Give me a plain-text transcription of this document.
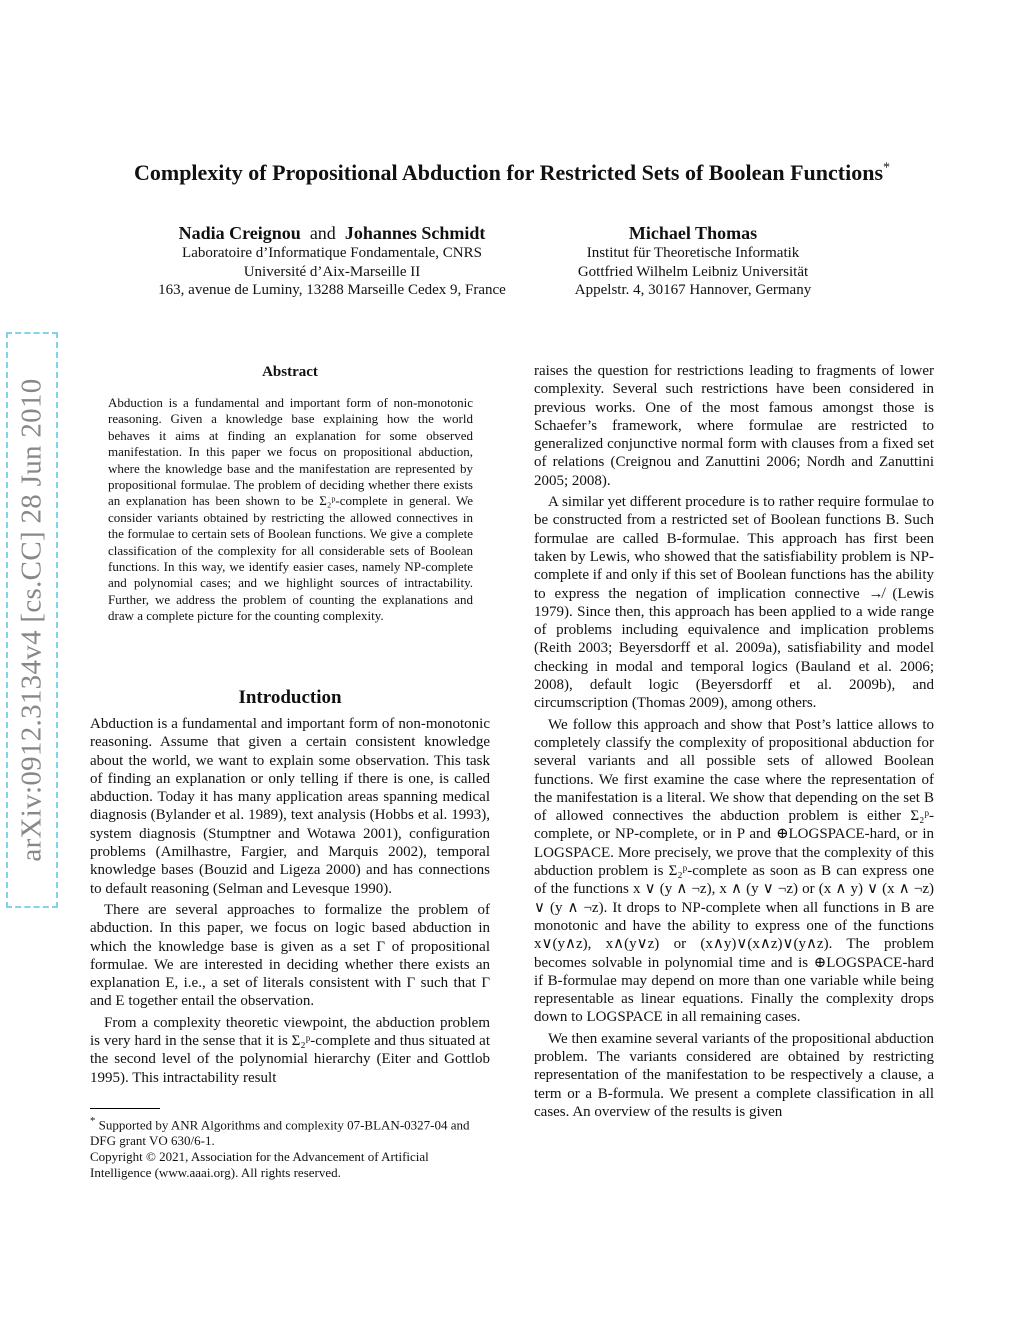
Complexity of Propositional Abduction for Restricted Sets of Boolean Functions*
Nadia Creignou and Johannes Schmidt
Laboratoire d’Informatique Fondamentale, CNRS
Université d’Aix-Marseille II
163, avenue de Luminy, 13288 Marseille Cedex 9, France
Michael Thomas
Institut für Theoretische Informatik
Gottfried Wilhelm Leibniz Universität
Appelstr. 4, 30167 Hannover, Germany
arXiv:0912.3134v4 [cs.CC] 28 Jun 2010
Abstract
Abduction is a fundamental and important form of non-monotonic reasoning. Given a knowledge base explaining how the world behaves it aims at finding an explanation for some observed manifestation. In this paper we focus on propositional abduction, where the knowledge base and the manifestation are represented by propositional formulae. The problem of deciding whether there exists an explanation has been shown to be Σ₂ᵖ-complete in general. We consider variants obtained by restricting the allowed connectives in the formulae to certain sets of Boolean functions. We give a complete classification of the complexity for all considerable sets of Boolean functions. In this way, we identify easier cases, namely NP-complete and polynomial cases; and we highlight sources of intractability. Further, we address the problem of counting the explanations and draw a complete picture for the counting complexity.
Introduction

Abduction is a fundamental and important form of non-monotonic reasoning. Assume that given a certain consistent knowledge about the world, we want to explain some observation. This task of finding an explanation or only telling if there is one, is called abduction. Today it has many application areas spanning medical diagnosis (Bylander et al. 1989), text analysis (Hobbs et al. 1993), system diagnosis (Stumptner and Wotawa 2001), configuration problems (Amilhastre, Fargier, and Marquis 2002), temporal knowledge bases (Bouzid and Ligeza 2000) and has connections to default reasoning (Selman and Levesque 1990).

There are several approaches to formalize the problem of abduction. In this paper, we focus on logic based abduction in which the knowledge base is given as a set Γ of propositional formulae. We are interested in deciding whether there exists an explanation E, i.e., a set of literals consistent with Γ such that Γ and E together entail the observation.

From a complexity theoretic viewpoint, the abduction problem is very hard in the sense that it is Σ₂ᵖ-complete and thus situated at the second level of the polynomial hierarchy (Eiter and Gottlob 1995). This intractability result

* Supported by ANR Algorithms and complexity 07-BLAN-0327-04 and DFG grant VO 630/6-1.
Copyright © 2021, Association for the Advancement of Artificial Intelligence (www.aaai.org). All rights reserved.

raises the question for restrictions leading to fragments of lower complexity. Several such restrictions have been considered in previous works. One of the most famous amongst those is Schaefer’s framework, where formulae are restricted to generalized conjunctive normal form with clauses from a fixed set of relations (Creignou and Zanuttini 2006; Nordh and Zanuttini 2005; 2008).

A similar yet different procedure is to rather require formulae to be constructed from a restricted set of Boolean functions B. Such formulae are called B-formulae. This approach has first been taken by Lewis, who showed that the satisfiability problem is NP-complete if and only if this set of Boolean functions has the ability to express the negation of implication connective ↛ (Lewis 1979). Since then, this approach has been applied to a wide range of problems including equivalence and implication problems (Reith 2003; Beyersdorff et al. 2009a), satisfiability and model checking in modal and temporal logics (Bauland et al. 2006; 2008), default logic (Beyersdorff et al. 2009b), and circumscription (Thomas 2009), among others.

We follow this approach and show that Post’s lattice allows to completely classify the complexity of propositional abduction for several variants and all possible sets of allowed Boolean functions. We first examine the case where the representation of the manifestation is a literal. We show that depending on the set B of allowed connectives the abduction problem is either Σ₂ᵖ-complete, or NP-complete, or in P and ⊕LOGSPACE-hard, or in LOGSPACE. More precisely, we prove that the complexity of this abduction problem is Σ₂ᵖ-complete as soon as B can express one of the functions x ∨ (y ∧ ¬z), x ∧ (y ∨ ¬z) or (x ∧ y) ∨ (x ∧ ¬z) ∨ (y ∧ ¬z). It drops to NP-complete when all functions in B are monotonic and have the ability to express one of the functions x∨(y∧z), x∧(y∨z) or (x∧y)∨(x∧z)∨(y∧z). The problem becomes solvable in polynomial time and is ⊕LOGSPACE-hard if B-formulae may depend on more than one variable while being representable as linear equations. Finally the complexity drops down to LOGSPACE in all remaining cases.

We then examine several variants of the propositional abduction problem. The variants considered are obtained by restricting representation of the manifestation to be respectively a clause, a term or a B-formula. We present a complete classification in all cases. An overview of the results is given
